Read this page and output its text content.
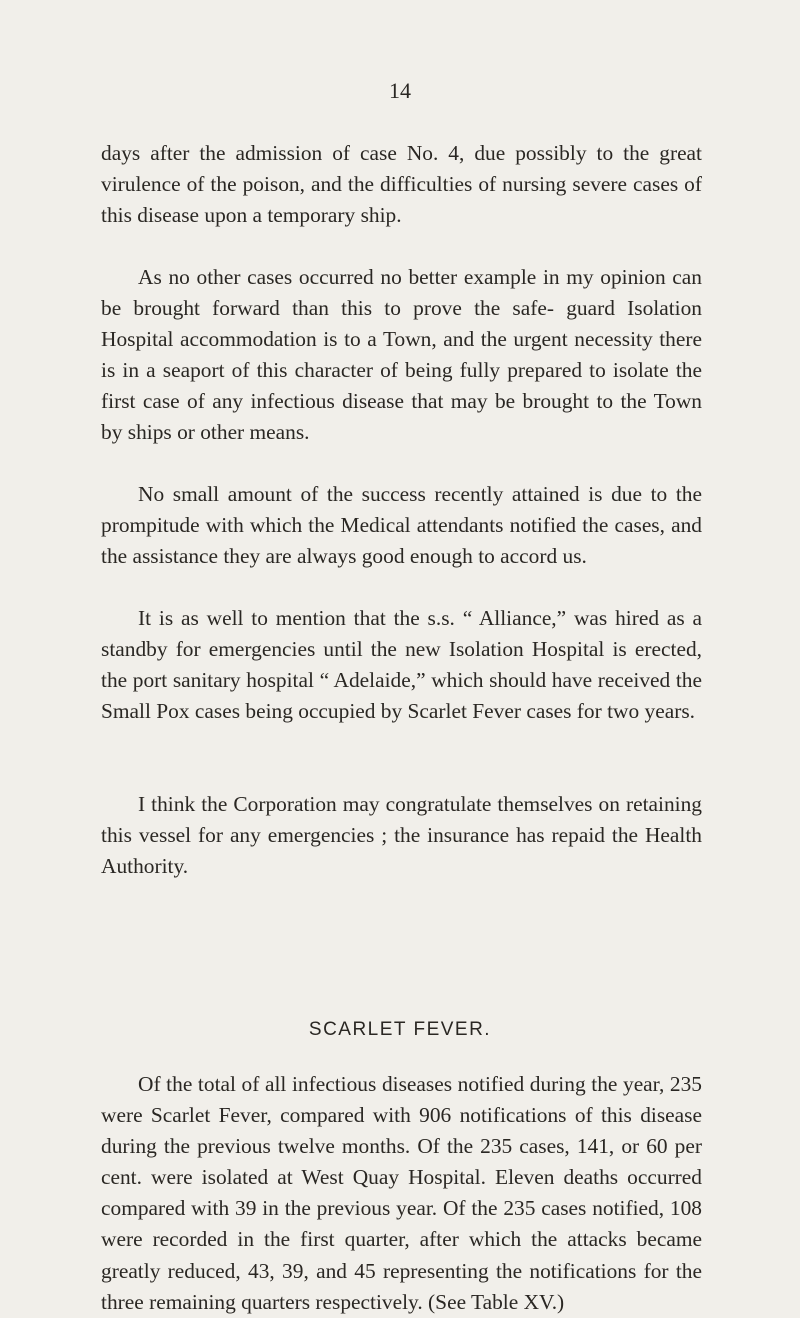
14

days after the admission of case No. 4, due possibly to the great virulence of the poison, and the difficulties of nursing severe cases of this disease upon a temporary ship.

As no other cases occurred no better example in my opinion can be brought forward than this to prove the safe- guard Isolation Hospital accommodation is to a Town, and the urgent necessity there is in a seaport of this character of being fully prepared to isolate the first case of any infectious disease that may be brought to the Town by ships or other means.

No small amount of the success recently attained is due to the prompitude with which the Medical attendants notified the cases, and the assistance they are always good enough to accord us.

It is as well to mention that the s.s. “ Alliance,” was hired as a standby for emergencies until the new Isolation Hospital is erected, the port sanitary hospital “ Adelaide,” which should have received the Small Pox cases being occupied by Scarlet Fever cases for two years.

I think the Corporation may congratulate themselves on retaining this vessel for any emergencies ; the insurance has repaid the Health Authority.

SCARLET FEVER.

Of the total of all infectious diseases notified during the year, 235 were Scarlet Fever, compared with 906 notifications of this disease during the previous twelve months. Of the 235 cases, 141, or 60 per cent. were isolated at West Quay Hospital. Eleven deaths occurred compared with 39 in the previous year. Of the 235 cases notified, 108 were recorded in the first quarter, after which the attacks became greatly reduced, 43, 39, and 45 representing the notifications for the three remaining quarters respectively. (See Table XV.)
